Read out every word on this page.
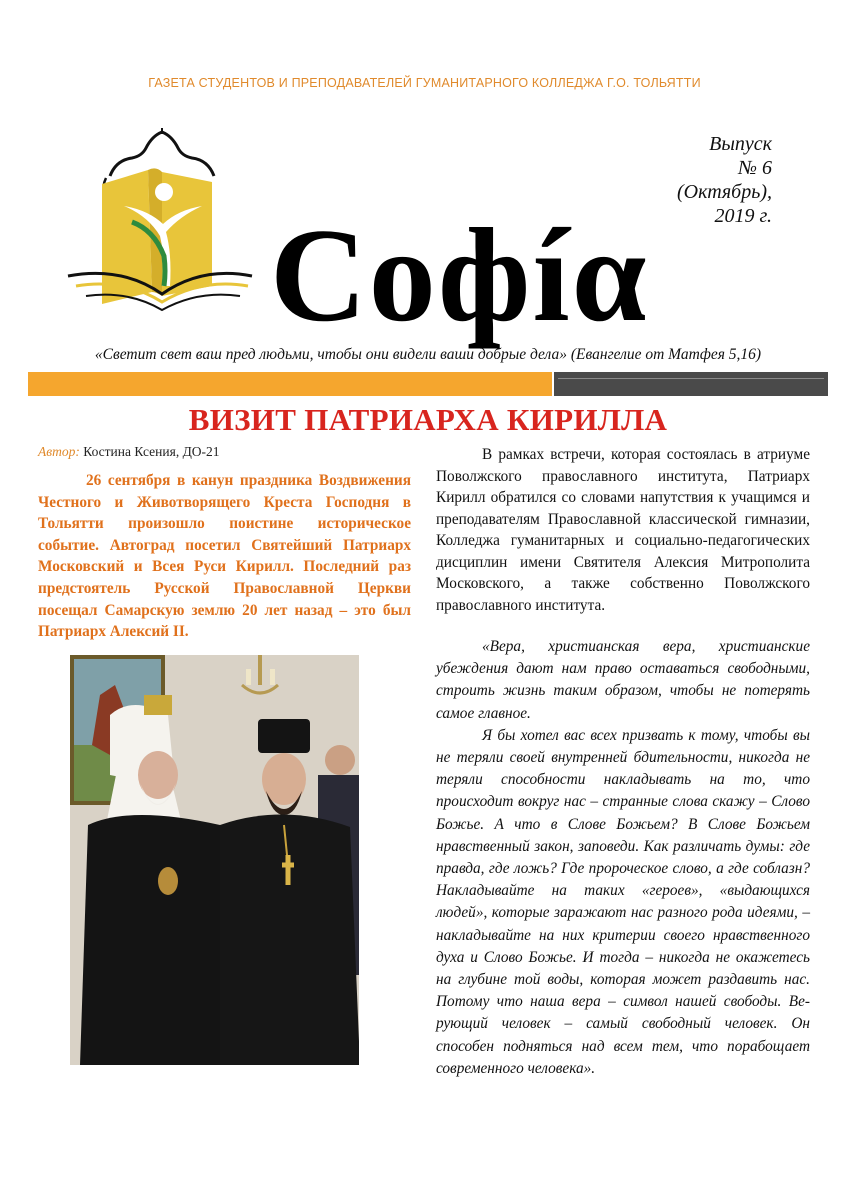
ГАЗЕТА СТУДЕНТОВ И ПРЕПОДАВАТЕЛЕЙ ГУМАНИТАРНОГО КОЛЛЕДЖА Г.О. ТОЛЬЯТТИ
Выпуск
№ 6
(Октябрь),
2019 г.
Софíα
«Светит свет ваш пред людьми, чтобы они видели ваши добрые дела» (Евангелие от Матфея 5,16)
ВИЗИТ ПАТРИАРХА КИРИЛЛА
Автор: Костина Ксения, ДО-21
26 сентября в канун праздника Воздвижения Честного и Животворящего Креста Господня в Тольятти произошло поистине историческое событие. Автоград посетил Святейший Патриарх Московский и Всея Руси Кирилл. Последний раз предстоятель Русской Православной Церкви посещал Самарскую землю 20 лет назад – это был Патриарх Алексий II.

В рамках встречи, которая состоялась в атриуме Поволжского православного института, Патриарх Кирилл обратился со словами напутствия к учащимся и преподавателям Православной классической гимназии, Колледжа гуманитарных и социально-педагогических дисциплин имени Святителя Алексия Митрополита Московского, а также собственно Поволжского православного института.

«Вера, христианская вера, христианские убеждения дают нам право оставаться свободными, строить жизнь таким образом, чтобы не потерять самое главное.

Я бы хотел вас всех призвать к тому, чтобы вы не теряли своей внутренней бдительности, никогда не теряли способности накладывать на то, что происходит вокруг нас – странные слова скажу – Слово Божье. А что в Слове Божьем? В Слове Божьем нравственный закон, заповеди. Как различать думы: где правда, где ложь? Где пророческое слово, а где соблазн? Накладывайте на таких «героев», «выдающихся людей», которые заражают нас разного рода идеями, – накладывайте на них критерии своего нравственного духа и Слово Божье. И тогда – никогда не окажетесь на глубине той воды, которая может раздавить нас. Потому что наша вера – символ нашей свободы. Верующий человек – самый свободный человек. Он способен подняться над всем тем, что порабощает современного человека».
